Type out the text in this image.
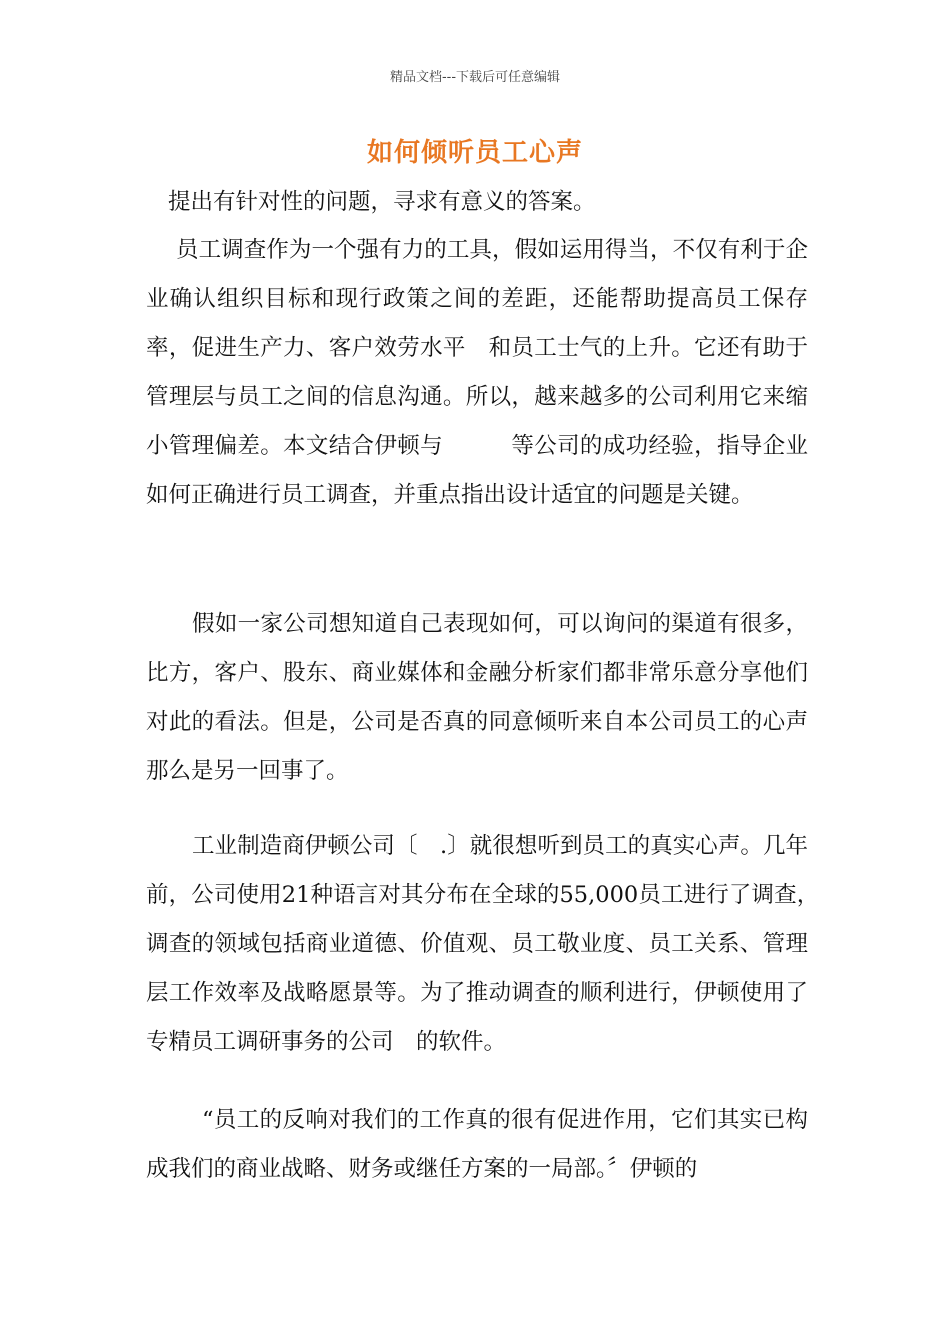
精品文档---下载后可任意编辑
如何倾听员工心声

提出有针对性的问题，寻求有意义的答案。

员工调查作为一个强有力的工具，假如运用得当，不仅有利于企业确认组织目标和现行政策之间的差距，还能帮助提高员工保存率，促进生产力、客户效劳水平　和员工士气的上升。它还有助于管理层与员工之间的信息沟通。所以，越来越多的公司利用它来缩小管理偏差。本文结合伊顿与　　　等公司的成功经验，指导企业如何正确进行员工调查，并重点指出设计适宜的问题是关键。

假如一家公司想知道自己表现如何，可以询问的渠道有很多，比方，客户、股东、商业媒体和金融分析家们都非常乐意分享他们对此的看法。但是，公司是否真的同意倾听来自本公司员工的心声那么是另一回事了。

工业制造商伊顿公司〔　.〕就很想听到员工的真实心声。几年前，公司使用21种语言对其分布在全球的55,000员工进行了调查，　调查的领域包括商业道德、价值观、员工敬业度、员工关系、管理层工作效率及战略愿景等。为了推动调查的顺利进行，伊顿使用了专精员工调研事务的公司　的软件。

“员工的反响对我们的工作真的很有促进作用，它们其实已构成我们的商业战略、财务或继任方案的一局部。〞伊顿的
